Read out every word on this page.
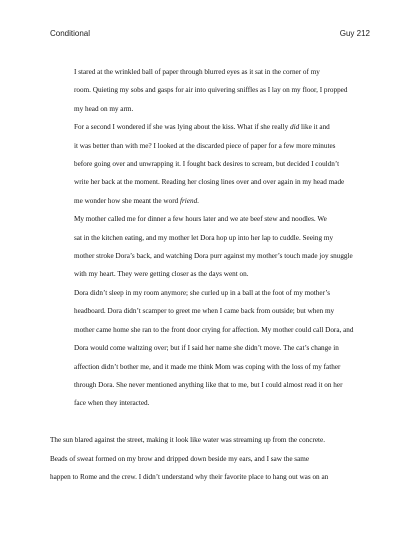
Conditional	Guy 212

I stared at the wrinkled ball of paper through blurred eyes as it sat in the corner of my
room. Quieting my sobs and gasps for air into quivering sniffles as I lay on my floor, I propped
my head on my arm.

For a second I wondered if she was lying about the kiss. What if she really did like it and
it was better than with me? I looked at the discarded piece of paper for a few more minutes
before going over and unwrapping it. I fought back desires to scream, but decided I couldn’t
write her back at the moment. Reading her closing lines over and over again in my head made
me wonder how she meant the word friend.

My mother called me for dinner a few hours later and we ate beef stew and noodles. We
sat in the kitchen eating, and my mother let Dora hop up into her lap to cuddle. Seeing my
mother stroke Dora’s back, and watching Dora purr against my mother’s touch made joy snuggle
with my heart. They were getting closer as the days went on.

Dora didn’t sleep in my room anymore; she curled up in a ball at the foot of my mother’s
headboard. Dora didn’t scamper to greet me when I came back from outside; but when my
mother came home she ran to the front door crying for affection. My mother could call Dora, and
Dora would come waltzing over; but if I said her name she didn’t move. The cat’s change in
affection didn’t bother me, and it made me think Mom was coping with the loss of my father
through Dora. She never mentioned anything like that to me, but I could almost read it on her
face when they interacted.

The sun blared against the street, making it look like water was streaming up from the concrete.
Beads of sweat formed on my brow and dripped down beside my ears, and I saw the same
happen to Rome and the crew. I didn’t understand why their favorite place to hang out was on an
